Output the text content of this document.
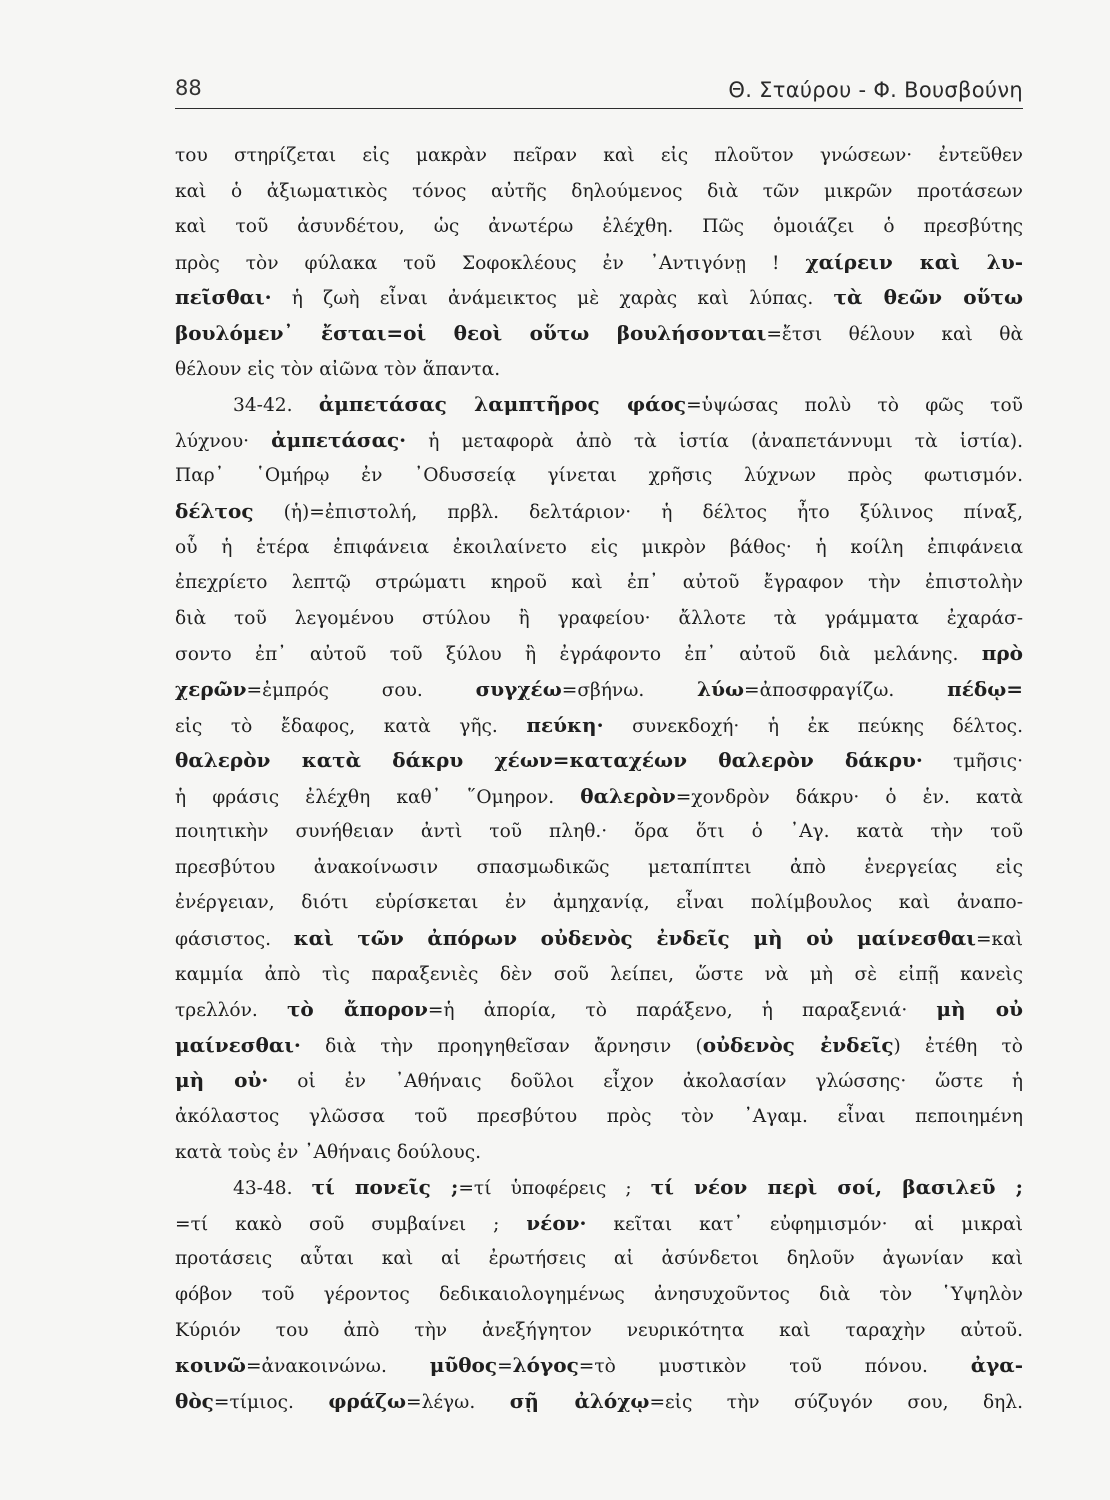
88	Θ. Σταύρου - Φ. Βουσβούνη
του στηρίζεται εἰς μακρὰν πεῖραν καὶ εἰς πλοῦτον γνώσεων· ἐντεῦθεν
καὶ ὁ ἀξιωματικὸς τόνος αὐτῆς δηλούμενος διὰ τῶν μικρῶν προτάσεων
καὶ τοῦ ἀσυνδέτου, ὡς ἀνωτέρω ἐλέχθη. Πῶς ὁμοιάζει ὁ πρεσβύτης
πρὸς τὸν φύλακα τοῦ Σοφοκλέους ἐν ᾿Αντιγόνῃ ! χαίρειν καὶ λυ-
πεῖσθαι· ἡ ζωὴ εἶναι ἀνάμεικτος μὲ χαρὰς καὶ λύπας. τὰ θεῶν οὕτω
βουλόμεν᾽ ἔσται=οἱ θεοὶ οὕτω βουλήσονται=ἔτσι θέλουν καὶ θὰ
θέλουν εἰς τὸν αἰῶνα τὸν ἅπαντα.
34-42. ἀμπετάσας λαμπτῆρος φάος=ὑψώσας πολὺ τὸ φῶς τοῦ
λύχνου· ἀμπετάσας· ἡ μεταφορὰ ἀπὸ τὰ ἱστία (ἀναπετάννυμι τὰ ἱστία).
Παρ᾽ ῾Ομήρῳ ἐν ᾿Οδυσσείᾳ γίνεται χρῆσις λύχνων πρὸς φωτισμόν.
δέλτος (ἡ)=ἐπιστολή, πρβλ. δελτάριον· ἡ δέλτος ἦτο ξύλινος πίναξ,
οὗ ἡ ἑτέρα ἐπιφάνεια ἐκοιλαίνετο εἰς μικρὸν βάθος· ἡ κοίλη ἐπιφάνεια
ἐπεχρίετο λεπτῷ στρώματι κηροῦ καὶ ἐπ᾽ αὐτοῦ ἔγραφον τὴν ἐπιστολὴν
διὰ τοῦ λεγομένου στύλου ἢ γραφείου· ἄλλοτε τὰ γράμματα ἐχαράσ-
σοντο ἐπ᾽ αὐτοῦ τοῦ ξύλου ἢ ἐγράφοντο ἐπ᾽ αὐτοῦ διὰ μελάνης. πρὸ
χερῶν=ἐμπρός σου. συγχέω=σβήνω. λύω=ἀποσφραγίζω. πέδῳ=
εἰς τὸ ἔδαφος, κατὰ γῆς. πεύκη· συνεκδοχή· ἡ ἐκ πεύκης δέλτος.
θαλερὸν κατὰ δάκρυ χέων=καταχέων θαλερὸν δάκρυ· τμῆσις·
ἡ φράσις ἐλέχθη καθ᾽ ῞Ομηρον. θαλερὸν=χονδρὸν δάκρυ· ὁ ἑν. κατὰ
ποιητικὴν συνήθειαν ἀντὶ τοῦ πληθ.· ὅρα ὅτι ὁ ᾿Αγ. κατὰ τὴν τοῦ
πρεσβύτου ἀνακοίνωσιν σπασμωδικῶς μεταπίπτει ἀπὸ ἐνεργείας εἰς
ἐνέργειαν, διότι εὑρίσκεται ἐν ἀμηχανίᾳ, εἶναι πολίμβουλος καὶ ἀναπο-
φάσιστος. καὶ τῶν ἀπόρων οὐδενὸς ἐνδεῖς μὴ οὐ μαίνεσθαι=καὶ
καμμία ἀπὸ τὶς παραξενιὲς δὲν σοῦ λείπει, ὥστε νὰ μὴ σὲ εἰπῇ κανεὶς
τρελλόν. τὸ ἄπορον=ἡ ἀπορία, τὸ παράξενο, ἡ παραξενιά· μὴ οὐ
μαίνεσθαι· διὰ τὴν προηγηθεῖσαν ἄρνησιν (οὐδενὸς ἐνδεῖς) ἐτέθη τὸ
μὴ οὐ· οἱ ἐν ᾿Αθήναις δοῦλοι εἶχον ἀκολασίαν γλώσσης· ὥστε ἡ
ἀκόλαστος γλῶσσα τοῦ πρεσβύτου πρὸς τὸν ᾿Αγαμ. εἶναι πεποιημένη
κατὰ τοὺς ἐν ᾿Αθήναις δούλους.
43-48. τί πονεῖς ;=τί ὑποφέρεις ; τί νέον περὶ σοί, βασιλεῦ ;
=τί κακὸ σοῦ συμβαίνει ; νέον· κεῖται κατ᾽ εὐφημισμόν· αἱ μικραὶ
προτάσεις αὗται καὶ αἱ ἐρωτήσεις αἱ ἀσύνδετοι δηλοῦν ἀγωνίαν καὶ
φόβον τοῦ γέροντος δεδικαιολογημένως ἀνησυχοῦντος διὰ τὸν ῾Υψηλὸν
Κύριόν του ἀπὸ τὴν ἀνεξήγητον νευρικότητα καὶ ταραχὴν αὐτοῦ.
κοινῶ=ἀνακοινώνω. μῦθος=λόγος=τὸ μυστικὸν τοῦ πόνου. ἀγα-
θὸς=τίμιος. φράζω=λέγω. σῇ ἀλόχῳ=εἰς τὴν σύζυγόν σου, δηλ.
